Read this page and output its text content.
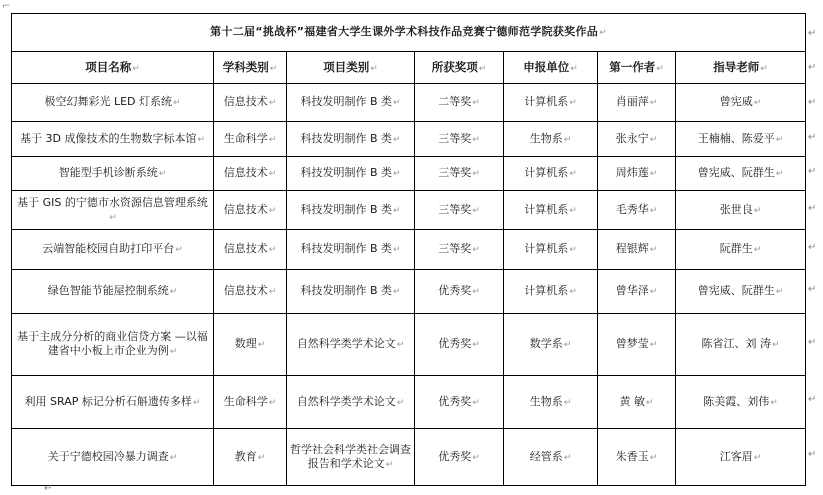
⌐
第十二届“挑战杯”福建省大学生课外学术科技作品竞赛宁德师范学院获奖作品↵						
项目名称↵	学科类别↵	项目类别↵	所获奖项↵	申报单位↵	第一作者↵	指导老师↵
极空幻舞彩光 LED 灯系统↵	信息技术↵	科技发明制作 B 类↵	二等奖↵	计算机系↵	肖丽萍↵	曾宪威↵
基于 3D 成像技术的生物数字标本馆↵	生命科学↵	科技发明制作 B 类↵	三等奖↵	生物系↵	张永宁↵	王楠楠、陈爱平↵
智能型手机诊断系统↵	信息技术↵	科技发明制作 B 类↵	三等奖↵	计算机系↵	周炜莲↵	曾宪威、阮群生↵
基于 GIS 的宁德市水资源信息管理系统↵	信息技术↵	科技发明制作 B 类↵	三等奖↵	计算机系↵	毛秀华↵	张世良↵
云端智能校园自助打印平台↵	信息技术↵	科技发明制作 B 类↵	三等奖↵	计算机系↵	程银辉↵	阮群生↵
绿色智能节能屋控制系统↵	信息技术↵	科技发明制作 B 类↵	优秀奖↵	计算机系↵	曾华泽↵	曾宪威、阮群生↵
基于主成分分析的商业信贷方案 —以福建省中小板上市企业为例↵	数理↵	自然科学类学术论文↵	优秀奖↵	数学系↵	曾梦莹↵	陈省江、刘 涛↵
利用 SRAP 标记分析石斛遗传多样↵	生命科学↵	自然科学类学术论文↵	优秀奖↵	生物系↵	黄 敏↵	陈美霞、刘伟↵
关于宁德校园冷暴力调查↵	教育↵	哲学社会科学类社会调查报告和学术论文↵	优秀奖↵	经管系↵	朱香玉↵	江客眉↵
↵
↵
↵
↵
↵
↵
↵
↵
↵
↵
↵
↵
